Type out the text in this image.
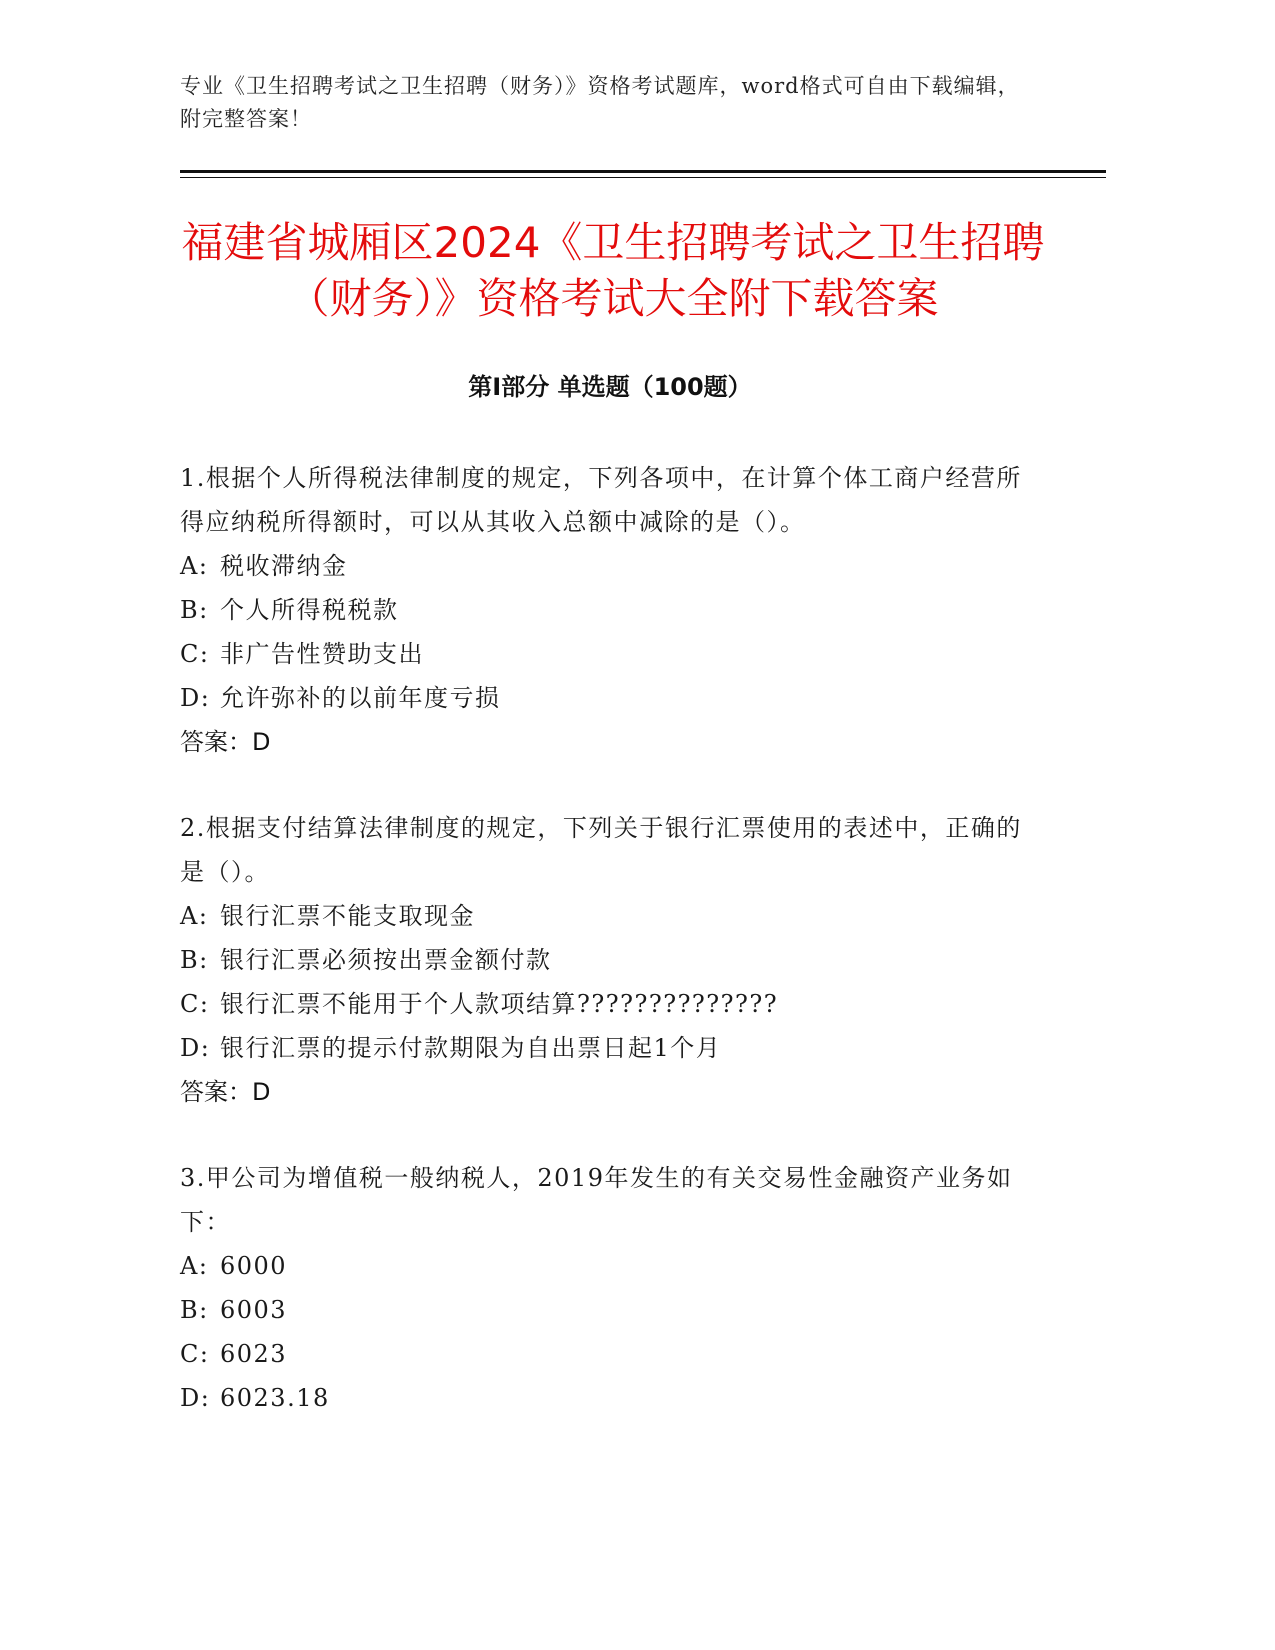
专业《卫生招聘考试之卫生招聘（财务）》资格考试题库，word格式可自由下载编辑，附完整答案！
福建省城厢区2024《卫生招聘考试之卫生招聘（财务）》资格考试大全附下载答案
第I部分 单选题（100题）

1.根据个人所得税法律制度的规定，下列各项中，在计算个体工商户经营所得应纳税所得额时，可以从其收入总额中减除的是（）。

A: 税收滞纳金
B: 个人所得税税款
C: 非广告性赞助支出
D: 允许弥补的以前年度亏损
答案：D

2.根据支付结算法律制度的规定，下列关于银行汇票使用的表述中，正确的是（）。

A: 银行汇票不能支取现金
B: 银行汇票必须按出票金额付款
C: 银行汇票不能用于个人款项结算??????????????
D: 银行汇票的提示付款期限为自出票日起1个月
答案：D

3.甲公司为增值税一般纳税人，2019年发生的有关交易性金融资产业务如下：

A: 6000
B: 6003
C: 6023
D: 6023.18
